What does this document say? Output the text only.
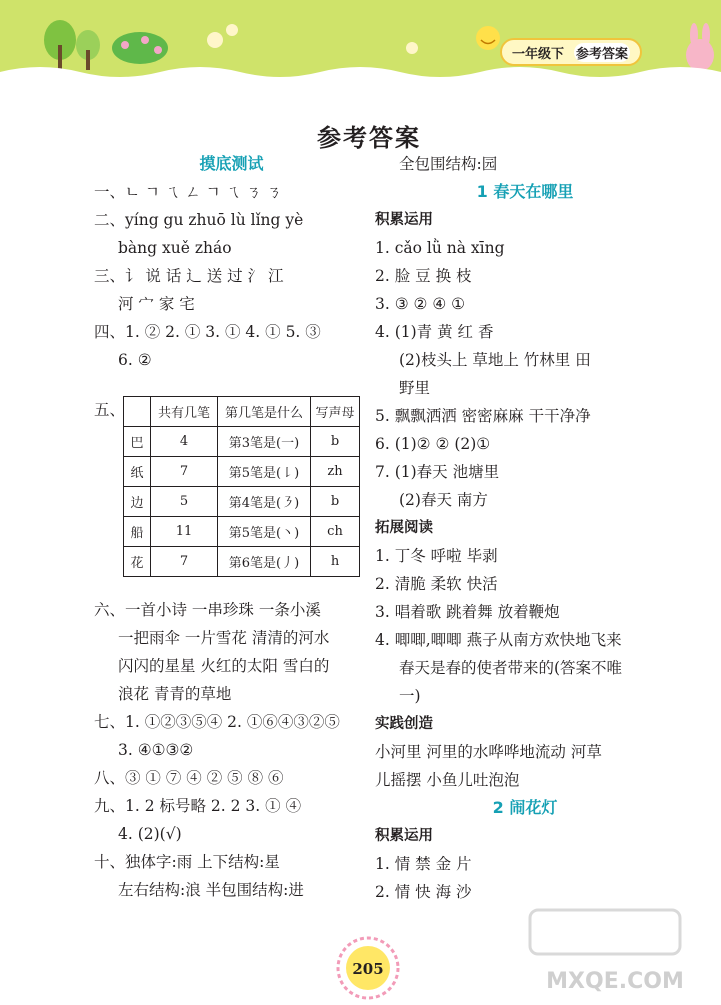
一年级下 参考答案
参考答案
摸底测试
一、ㄴ ㄱ ㄟ ㄥ ㄱ ㄟ ㄋ ㄋ
二、yíng gu zhuō lù lǐng yè
bàng xuě zháo
三、讠 说 话 辶 送 过 氵 江
河 宀 家 宅
四、1. ② 2. ① 3. ① 4. ① 5. ③
6. ②
五、
		共有几笔	第几笔是什么	写声母
巴	4	第3笔是(一)	b
纸	7	第5笔是(㇙)	zh
边	5	第4笔是(㇋)	b
船	11	第5笔是(丶)	ch
花	7	第6笔是(丿)	h
六、一首小诗 一串珍珠 一条小溪
一把雨伞 一片雪花 清清的河水
闪闪的星星 火红的太阳 雪白的
浪花 青青的草地
七、1. ①②③⑤④ 2. ①⑥④③②⑤
3. ④①③②
八、③ ① ⑦ ④ ② ⑤ ⑧ ⑥
九、1. 2 标号略 2. 2 3. ① ④
4. (2)(√)
十、独体字:雨 上下结构:星
左右结构:浪 半包围结构:进
全包围结构:园
1 春天在哪里
积累运用
1. cǎo lǜ nà xīng
2. 脸 豆 换 枝
3. ③ ② ④ ①
4. (1)青 黄 红 香
(2)枝头上 草地上 竹林里 田
野里
5. 飘飘洒洒 密密麻麻 干干净净
6. (1)② ② (2)①
7. (1)春天 池塘里
(2)春天 南方
拓展阅读
1. 丁冬 呼啦 毕剥
2. 清脆 柔软 快活
3. 唱着歌 跳着舞 放着鞭炮
4. 唧唧,唧唧 燕子从南方欢快地飞来
春天是春的使者带来的(答案不唯
一)
实践创造
小河里 河里的水哗哗地流动 河草
儿摇摆 小鱼儿吐泡泡
2 闹花灯
积累运用
1. 情 禁 金 片
2. 情 快 海 沙
205	MXQE.COM
